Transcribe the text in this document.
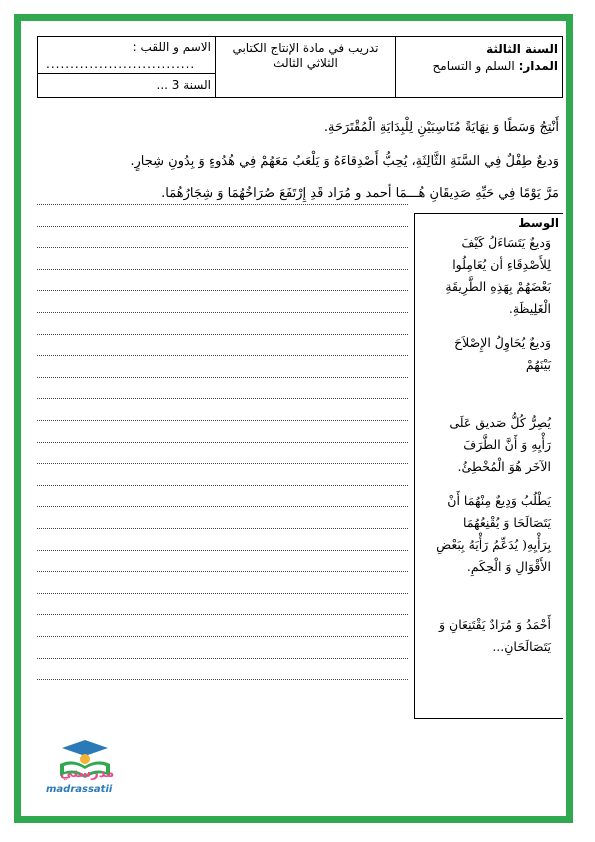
الاسم و اللقب :
...............................
السنة 3 ...
تدريب في مادة الإنتاج الكتابي
الثلاثي الثالث
السنة الثالثة
المدار: السلم و التسامح
أَنْتِجُ وَسَطًا وَ نِهَايَةً مُنَاسِبَيْنِ لِلْبِدَايَةِ الْمُقْتَرَحَةِ.
وَديعٌ طِفْلٌ فِي السَّنَةِ الثَّالِثَةِ، يُحِبُّ أَصْدِقاءَهُ وَ يَلْعَبُ مَعَهُمْ فِي هُدُوءٍ وَ بِدُونِ شِجارٍ.
مَرَّ يَوْمًا فِي حَيِّهِ صَدِيقَانِ هُـــمَا أحمد و مُرَاد قَدِ إِرْتَفَعَ صُرَاخُهُمَا وَ شِجَارُهُمَا.
الوسط
وَديعٌ يَتَسَاءَلُ كَيْفَ
لِلأَصْدِقَاءِ أن يُعَامِلُوا
بَعْضَهُمْ بِهَذِهِ الطَّرِيقَةِ
الْغَلِيظَةِ.
وَديعٌ يُحَاوِلُ الإِصْلاَحَ
بَيْنَهُمْ
يُصِرُّ كُلُّ صَديق عَلَى
رَأْيِهِ وَ أَنَّ الطَّرَفَ
الآخَر هُوَ الْمُخْطِئُ.
يَطْلُبُ وَدِيعٌ مِنْهُمَا أَنْ
يَتَصَالَحَا وَ يُقْنِعُهُمَا
بِرَأْيِهِ( يُدَعِّمُ رَأْيَهُ بِبَعْضِ
الأَقْوَالِ وَ الْحِكَمِ.
أَحْمَدُ وَ مُرَادٌ يَقْتَنِعَانِ وَ
يَتَصَالَحَانِ...
مدرستي
madrassatii
